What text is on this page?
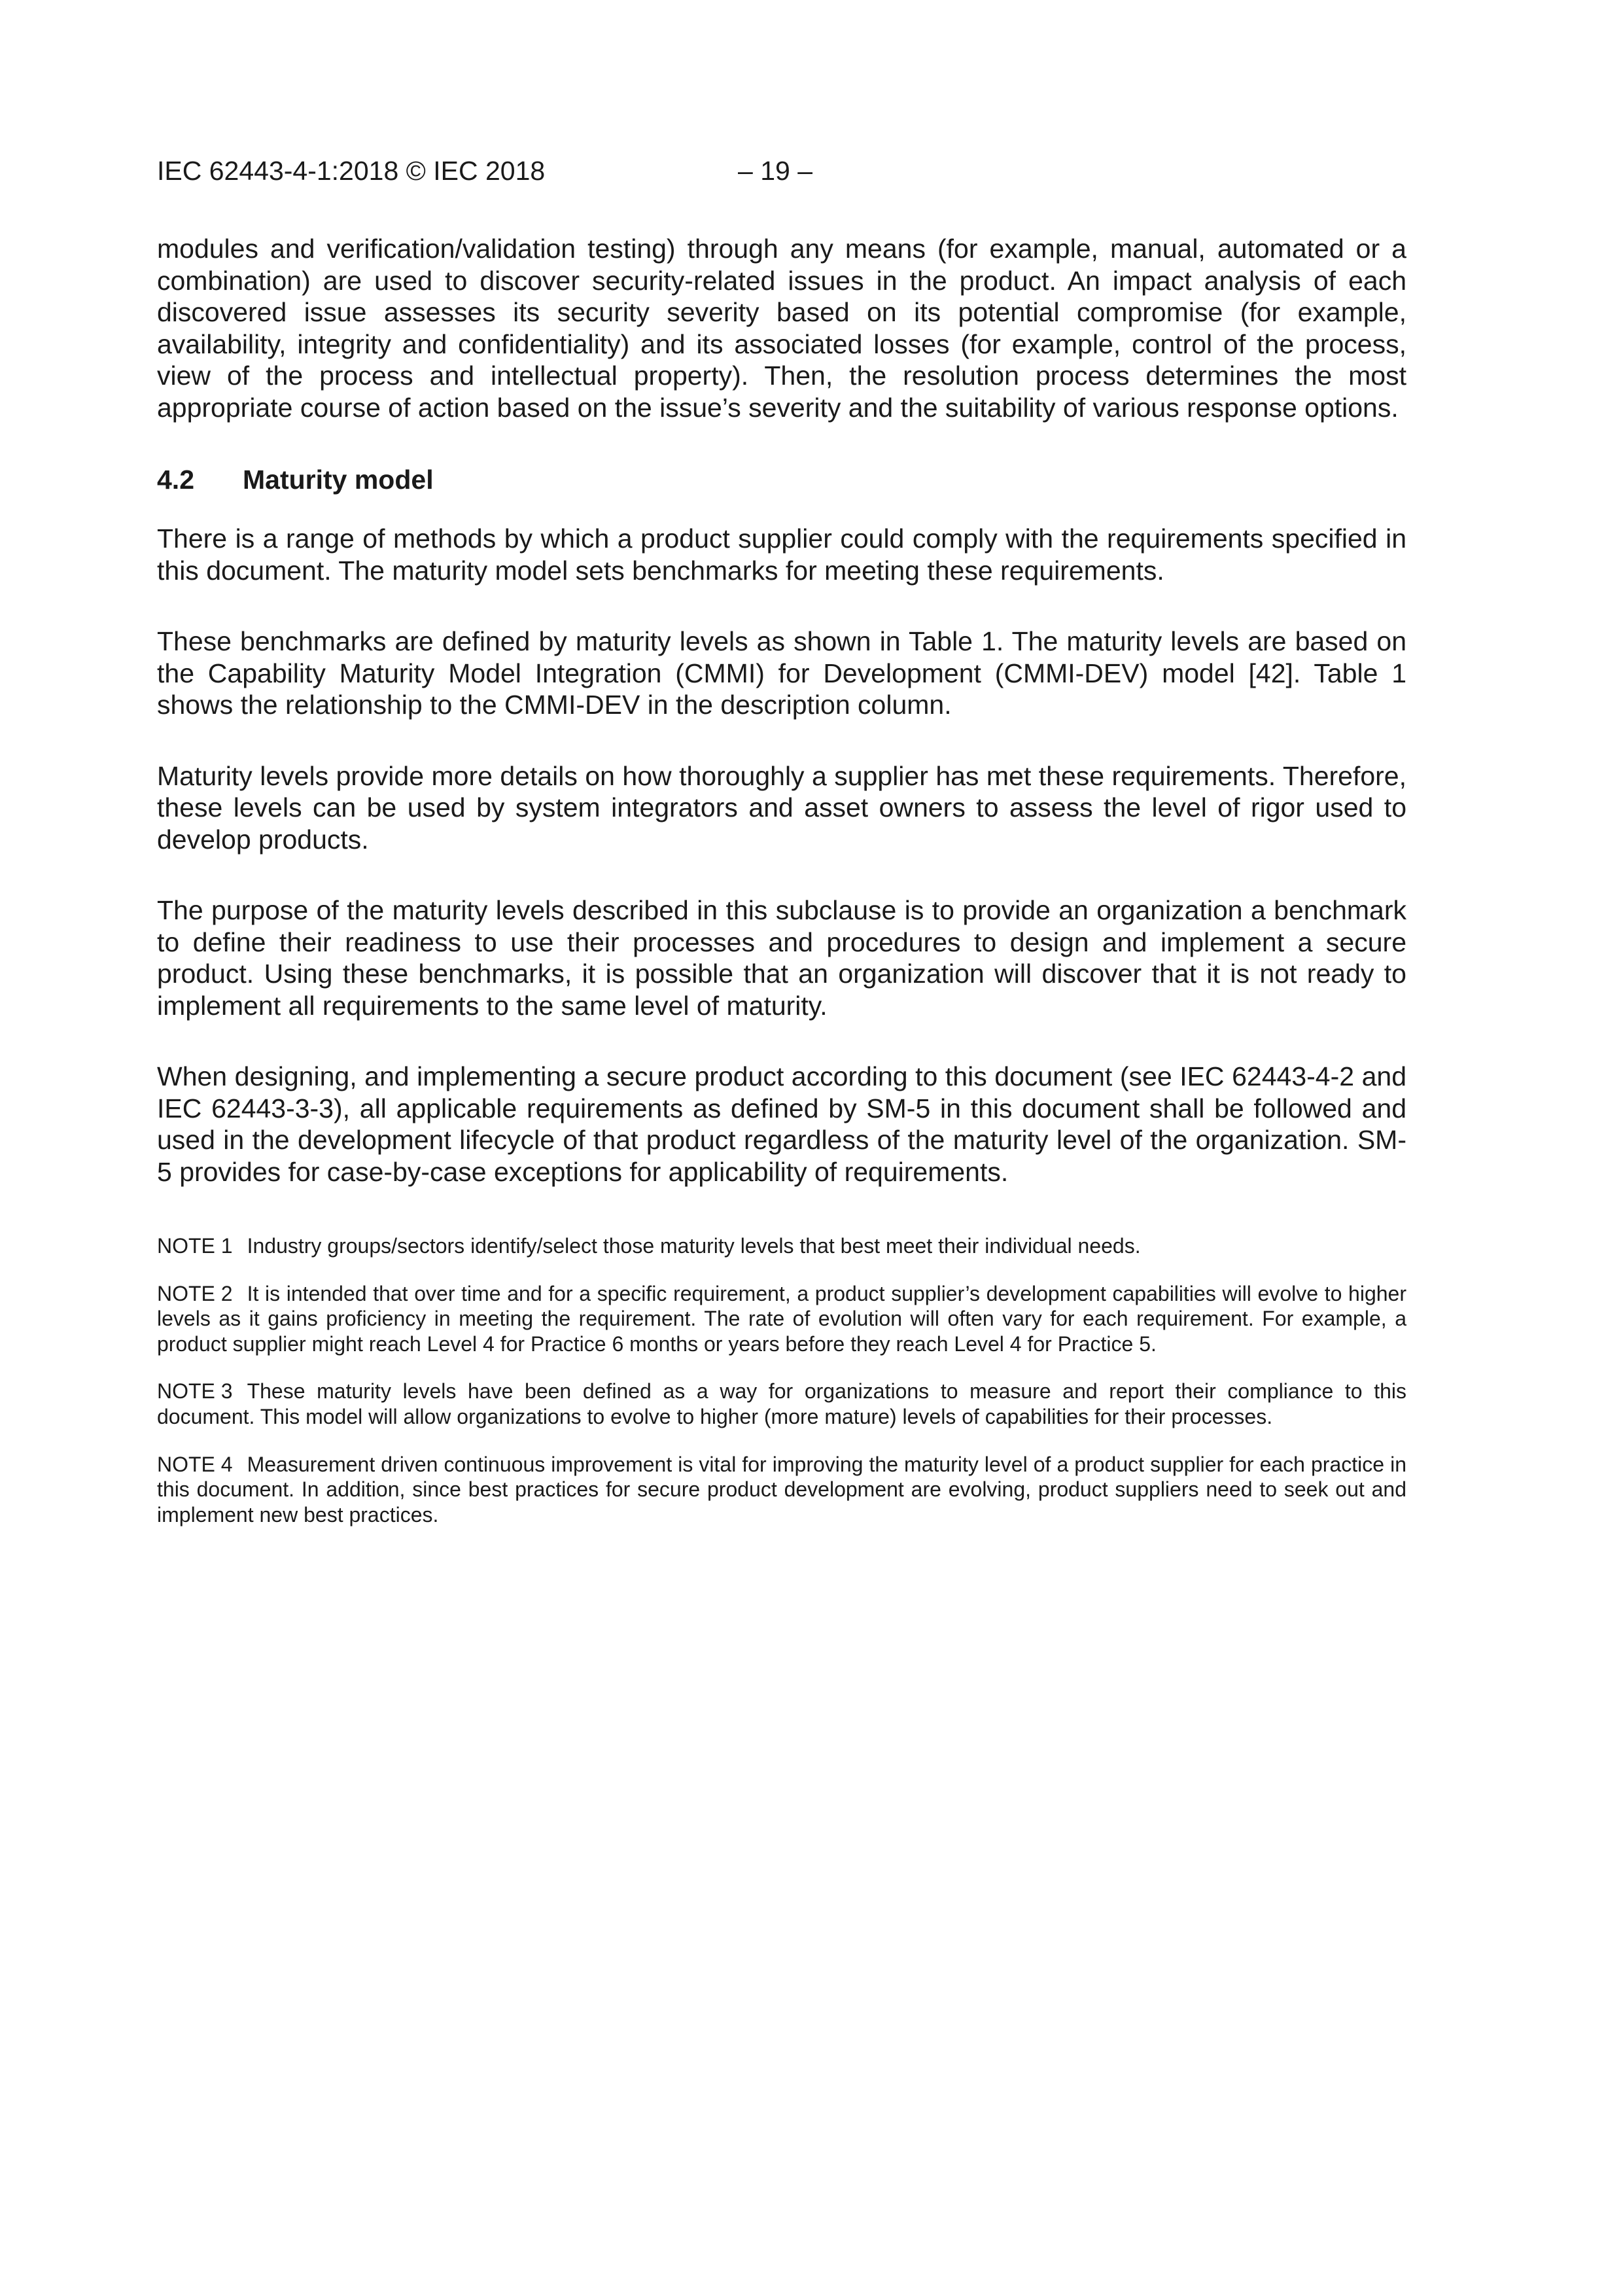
IEC 62443-4-1:2018 © IEC 2018	– 19 –

modules and verification/validation testing) through any means (for example, manual, automated or a combination) are used to discover security-related issues in the product. An impact analysis of each discovered issue assesses its security severity based on its potential compromise (for example, availability, integrity and confidentiality) and its associated losses (for example, control of the process, view of the process and intellectual property). Then, the resolution process determines the most appropriate course of action based on the issue’s severity and the suitability of various response options.

4.2 Maturity model

There is a range of methods by which a product supplier could comply with the requirements specified in this document. The maturity model sets benchmarks for meeting these requirements.

These benchmarks are defined by maturity levels as shown in Table 1. The maturity levels are based on the Capability Maturity Model Integration (CMMI) for Development (CMMI-DEV) model [42]. Table 1 shows the relationship to the CMMI-DEV in the description column.

Maturity levels provide more details on how thoroughly a supplier has met these requirements. Therefore, these levels can be used by system integrators and asset owners to assess the level of rigor used to develop products.

The purpose of the maturity levels described in this subclause is to provide an organization a benchmark to define their readiness to use their processes and procedures to design and implement a secure product. Using these benchmarks, it is possible that an organization will discover that it is not ready to implement all requirements to the same level of maturity.

When designing, and implementing a secure product according to this document (see IEC 62443-4-2 and IEC 62443-3-3), all applicable requirements as defined by SM-5 in this document shall be followed and used in the development lifecycle of that product regardless of the maturity level of the organization. SM-5 provides for case-by-case exceptions for applicability of requirements.

NOTE 1 Industry groups/sectors identify/select those maturity levels that best meet their individual needs.

NOTE 2 It is intended that over time and for a specific requirement, a product supplier’s development capabilities will evolve to higher levels as it gains proficiency in meeting the requirement. The rate of evolution will often vary for each requirement. For example, a product supplier might reach Level 4 for Practice 6 months or years before they reach Level 4 for Practice 5.

NOTE 3 These maturity levels have been defined as a way for organizations to measure and report their compliance to this document. This model will allow organizations to evolve to higher (more mature) levels of capabilities for their processes.

NOTE 4 Measurement driven continuous improvement is vital for improving the maturity level of a product supplier for each practice in this document. In addition, since best practices for secure product development are evolving, product suppliers need to seek out and implement new best practices.
